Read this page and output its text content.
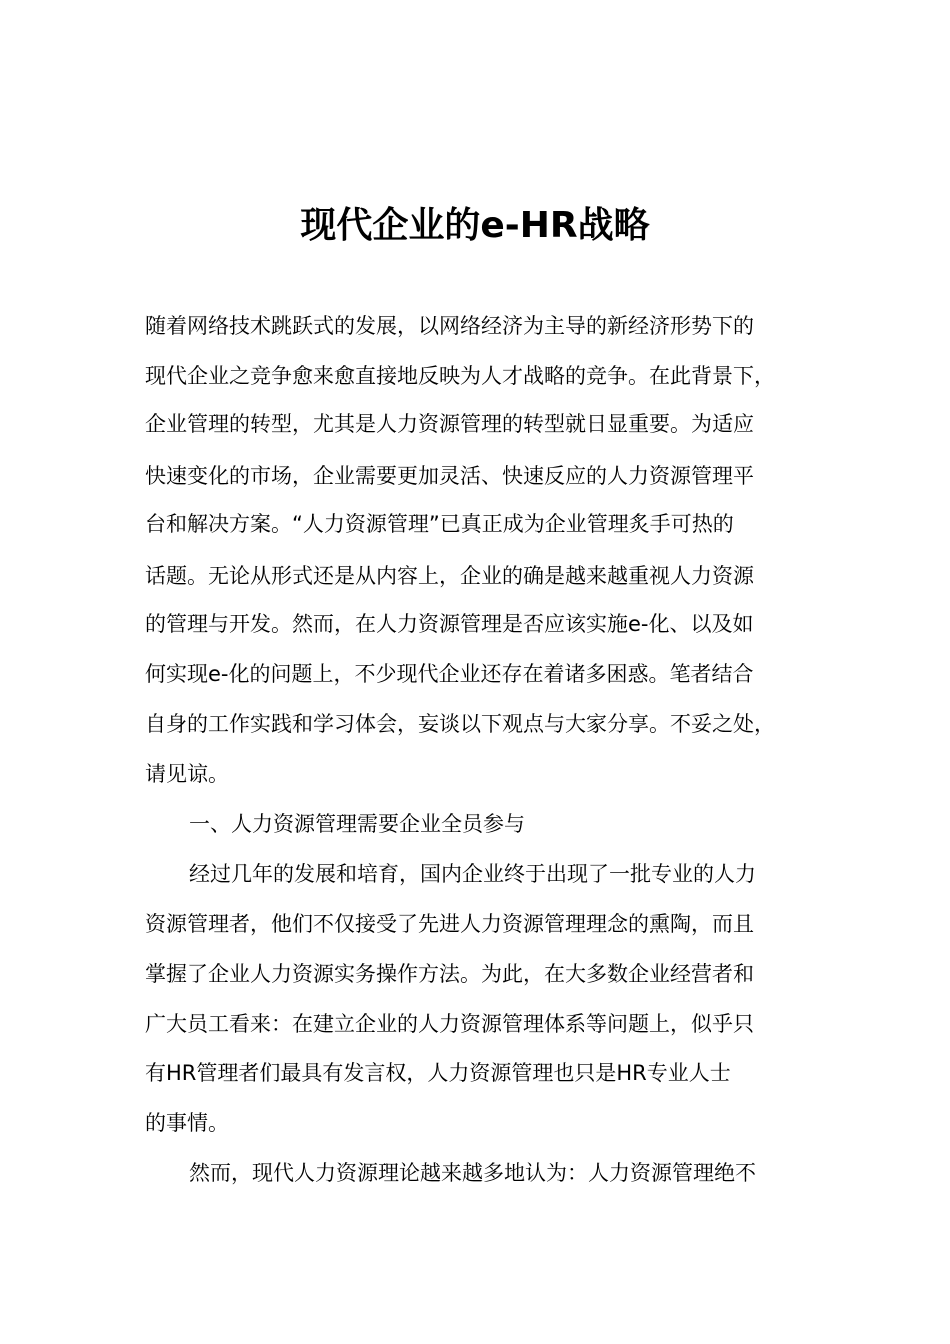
现代企业的e-HR战略
随着网络技术跳跃式的发展，以网络经济为主导的新经济形势下的
现代企业之竞争愈来愈直接地反映为人才战略的竞争。在此背景下，
企业管理的转型，尤其是人力资源管理的转型就日显重要。为适应
快速变化的市场，企业需要更加灵活、快速反应的人力资源管理平
台和解决方案。“人力资源管理”已真正成为企业管理炙手可热的
话题。无论从形式还是从内容上，企业的确是越来越重视人力资源
的管理与开发。然而，在人力资源管理是否应该实施e-化、以及如
何实现e-化的问题上，不少现代企业还存在着诸多困惑。笔者结合
自身的工作实践和学习体会，妄谈以下观点与大家分享。不妥之处，
请见谅。
一、人力资源管理需要企业全员参与
经过几年的发展和培育，国内企业终于出现了一批专业的人力
资源管理者，他们不仅接受了先进人力资源管理理念的熏陶，而且
掌握了企业人力资源实务操作方法。为此，在大多数企业经营者和
广大员工看来：在建立企业的人力资源管理体系等问题上，似乎只
有HR管理者们最具有发言权，人力资源管理也只是HR专业人士
的事情。
然而，现代人力资源理论越来越多地认为：人力资源管理绝不
